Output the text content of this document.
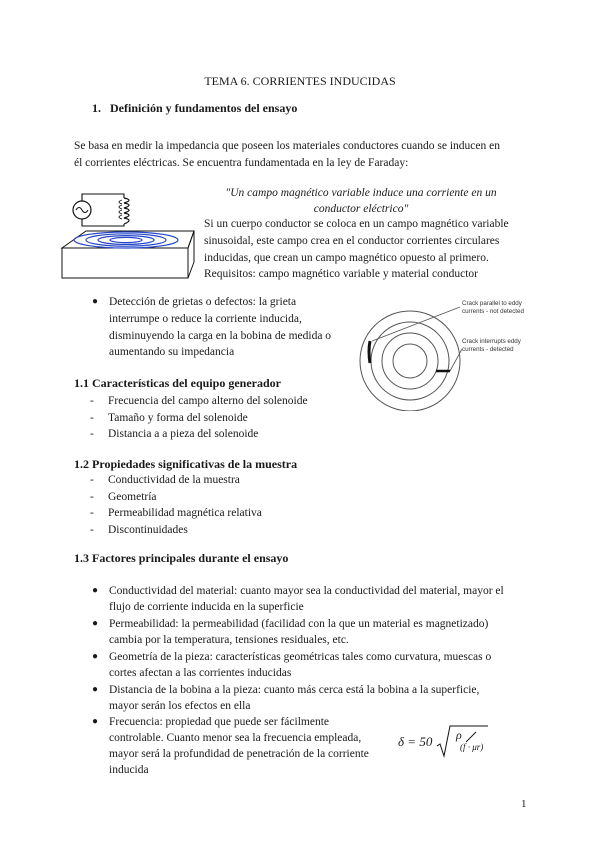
TEMA 6. CORRIENTES INDUCIDAS
1. Definición y fundamentos del ensayo
Se basa en medir la impedancia que poseen los materiales conductores cuando se inducen en
él corrientes eléctricas. Se encuentra fundamentada en la ley de Faraday:
"Un campo magnético variable induce una corriente en un
conductor eléctrico"
Si un cuerpo conductor se coloca en un campo magnético variable
sinusoidal, este campo crea en el conductor corrientes circulares
inducidas, que crean un campo magnético opuesto al primero.
Requisitos: campo magnético variable y material conductor
● Detección de grietas o defectos: la grieta
interrumpe o reduce la corriente inducida,
disminuyendo la carga en la bobina de medida o
aumentando su impedancia
Crack parallel to eddy
currents - not detected
Crack interrupts eddy
currents - detected
1.1 Características del equipo generador
- Frecuencia del campo alterno del solenoide
- Tamaño y forma del solenoide
- Distancia a a pieza del solenoide
1.2 Propiedades significativas de la muestra
- Conductividad de la muestra
- Geometría
- Permeabilidad magnética relativa
- Discontinuidades
1.3 Factores principales durante el ensayo
● Conductividad del material: cuanto mayor sea la conductividad del material, mayor el
flujo de corriente inducida en la superficie
● Permeabilidad: la permeabilidad (facilidad con la que un material es magnetizado)
cambia por la temperatura, tensiones residuales, etc.
● Geometría de la pieza: características geométricas tales como curvatura, muescas o
cortes afectan a las corrientes inducidas
● Distancia de la bobina a la pieza: cuanto más cerca está la bobina a la superficie,
mayor serán los efectos en ella
● Frecuencia: propiedad que puede ser fácilmente
controlable. Cuanto menor sea la frecuencia empleada,
mayor será la profundidad de penetración de la corriente
inducida
δ = 50 ρ
(f · μr)
1
